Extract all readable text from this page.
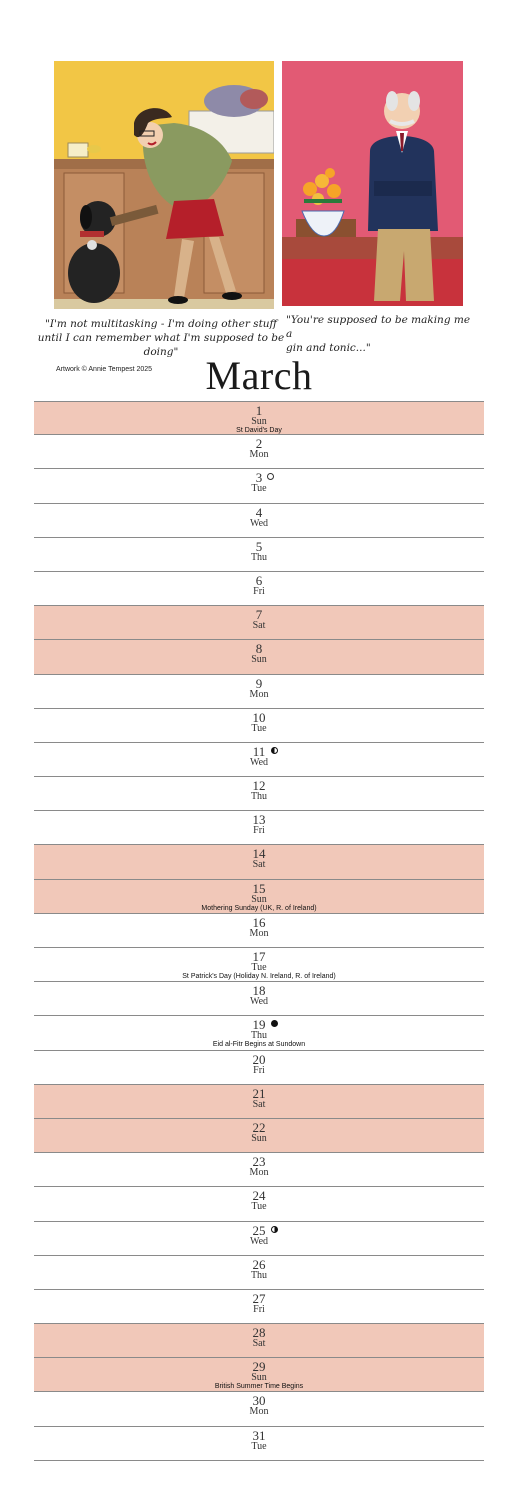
"I'm not multitasking - I'm doing other stuff
until I can remember what I'm supposed to be doing"
"You're supposed to be making me a
gin and tonic..."
Artwork © Annie Tempest 2025	March
1
Sun
St David's Day
2
Mon
3
Tue
4
Wed
5
Thu
6
Fri
7
Sat
8
Sun
9
Mon
10
Tue
11
Wed
12
Thu
13
Fri
14
Sat
15
Sun
Mothering Sunday (UK, R. of Ireland)
16
Mon
17
Tue
St Patrick's Day (Holiday N. Ireland, R. of Ireland)
18
Wed
19
Thu
Eid al-Fitr Begins at Sundown
20
Fri
21
Sat
22
Sun
23
Mon
24
Tue
25
Wed
26
Thu
27
Fri
28
Sat
29
Sun
British Summer Time Begins
30
Mon
31
Tue
